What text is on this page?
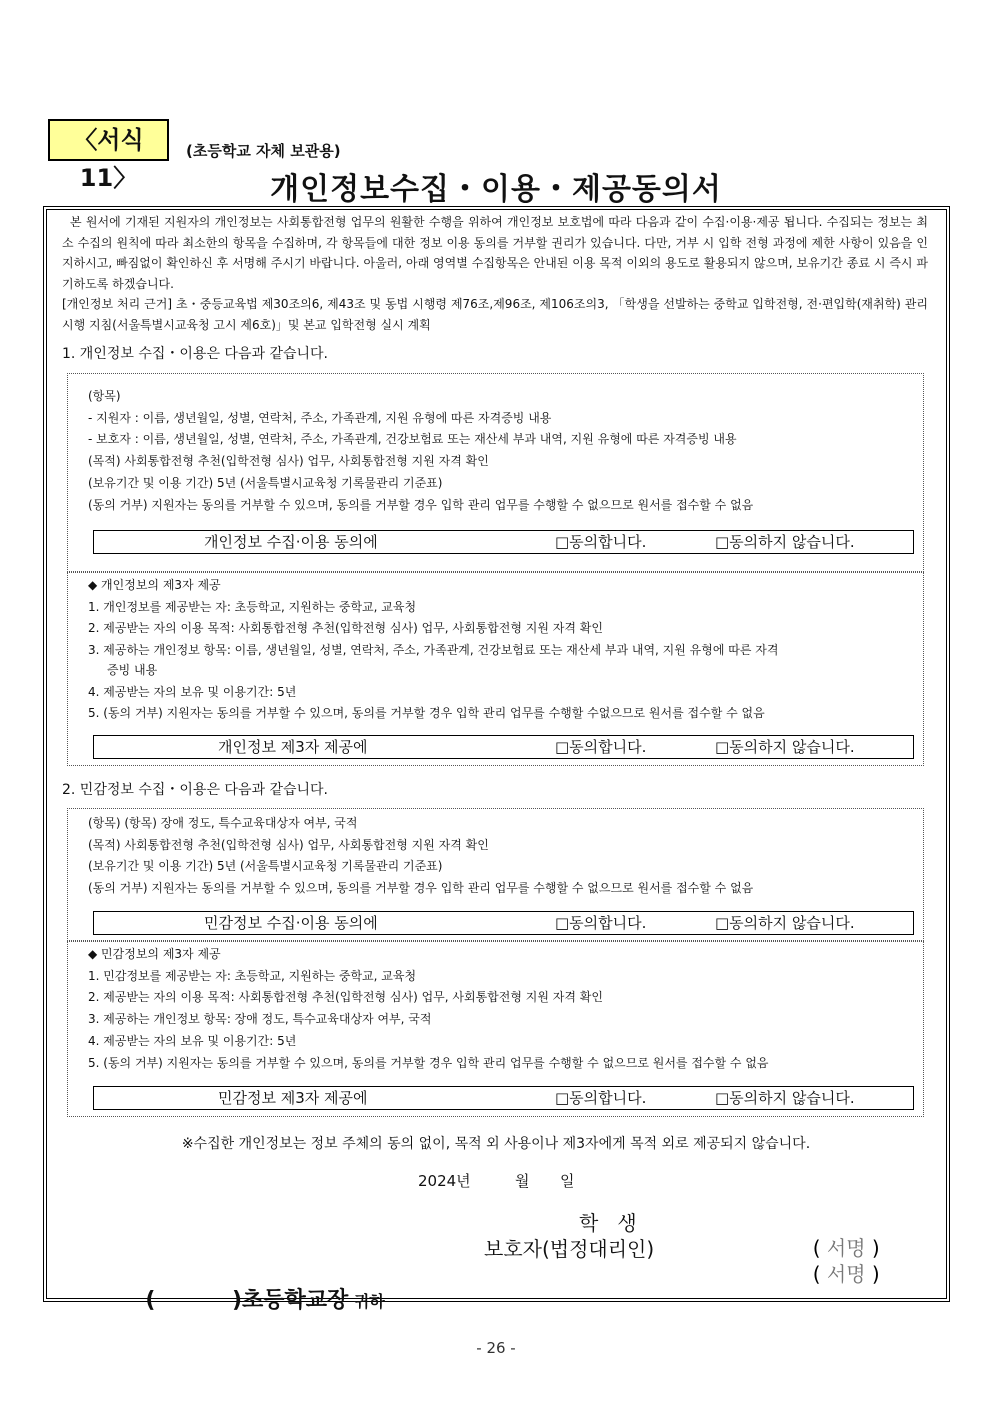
〈서식 11〉
(초등학교 자체 보관용)
개인정보수집・이용・제공동의서

본 원서에 기재된 지원자의 개인정보는 사회통합전형 업무의 원활한 수행을 위하여 개인정보 보호법에 따라 다음과 같이 수집·이용·제공 됩니다. 수집되는 정보는 최소 수집의 원칙에 따라 최소한의 항목을 수집하며, 각 항목들에 대한 정보 이용 동의를 거부할 권리가 있습니다. 다만, 거부 시 입학 전형 과정에 제한 사항이 있음을 인지하시고, 빠짐없이 확인하신 후 서명해 주시기 바랍니다. 아울러, 아래 영역별 수집항목은 안내된 이용 목적 이외의 용도로 활용되지 않으며, 보유기간 종료 시 즉시 파기하도록 하겠습니다.

[개인정보 처리 근거] 초・중등교육법 제30조의6, 제43조 및 동법 시행령 제76조,제96조, 제106조의3, 「학생을 선발하는 중학교 입학전형, 전·편입학(재취학) 관리 시행 지침(서울특별시교육청 고시 제6호)」및 본교 입학전형 실시 계획

1. 개인정보 수집・이용은 다음과 같습니다.

(항목)

- 지원자 : 이름, 생년월일, 성별, 연락처, 주소, 가족관계, 지원 유형에 따른 자격증빙 내용

- 보호자 : 이름, 생년월일, 성별, 연락처, 주소, 가족관계, 건강보험료 또는 재산세 부과 내역, 지원 유형에 따른 자격증빙 내용

(목적) 사회통합전형 추천(입학전형 심사) 업무, 사회통합전형 지원 자격 확인

(보유기간 및 이용 기간) 5년 (서울특별시교육청 기록물관리 기준표)

(동의 거부) 지원자는 동의를 거부할 수 있으며, 동의를 거부할 경우 입학 관리 업무를 수행할 수 없으므로 원서를 접수할 수 없음

개인정보 수집·이용 동의에	□동의합니다.	□동의하지 않습니다.

◆ 개인정보의 제3자 제공

1. 개인정보를 제공받는 자: 초등학교, 지원하는 중학교, 교육청

2. 제공받는 자의 이용 목적: 사회통합전형 추천(입학전형 심사) 업무, 사회통합전형 지원 자격 확인

3. 제공하는 개인정보 항목: 이름, 생년월일, 성별, 연락처, 주소, 가족관계, 건강보험료 또는 재산세 부과 내역, 지원 유형에 따른 자격

증빙 내용

4. 제공받는 자의 보유 및 이용기간: 5년

5. (동의 거부) 지원자는 동의를 거부할 수 있으며, 동의를 거부할 경우 입학 관리 업무를 수행할 수없으므로 원서를 접수할 수 없음

개인정보 제3자 제공에	□동의합니다.	□동의하지 않습니다.
2. 민감정보 수집・이용은 다음과 같습니다.

(항목) (항목) 장애 정도, 특수교육대상자 여부, 국적

(목적) 사회통합전형 추천(입학전형 심사) 업무, 사회통합전형 지원 자격 확인

(보유기간 및 이용 기간) 5년 (서울특별시교육청 기록물관리 기준표)

(동의 거부) 지원자는 동의를 거부할 수 있으며, 동의를 거부할 경우 입학 관리 업무를 수행할 수 없으므로 원서를 접수할 수 없음

민감정보 수집·이용 동의에	□동의합니다.	□동의하지 않습니다.

◆ 민감정보의 제3자 제공

1. 민감정보를 제공받는 자: 초등학교, 지원하는 중학교, 교육청

2. 제공받는 자의 이용 목적: 사회통합전형 추천(입학전형 심사) 업무, 사회통합전형 지원 자격 확인

3. 제공하는 개인정보 항목: 장애 정도, 특수교육대상자 여부, 국적

4. 제공받는 자의 보유 및 이용기간: 5년

5. (동의 거부) 지원자는 동의를 거부할 수 있으며, 동의를 거부할 경우 입학 관리 업무를 수행할 수 없으므로 원서를 접수할 수 없음

민감정보 제3자 제공에	□동의합니다.	□동의하지 않습니다.
※수집한 개인정보는 정보 주체의 동의 없이, 목적 외 사용이나 제3자에게 목적 외로 제공되지 않습니다.
2024년	월 일
학   생

( 서명 )

보호자(법정대리인)

( 서명 )

(          )초등학교장 귀하

- 26 -
